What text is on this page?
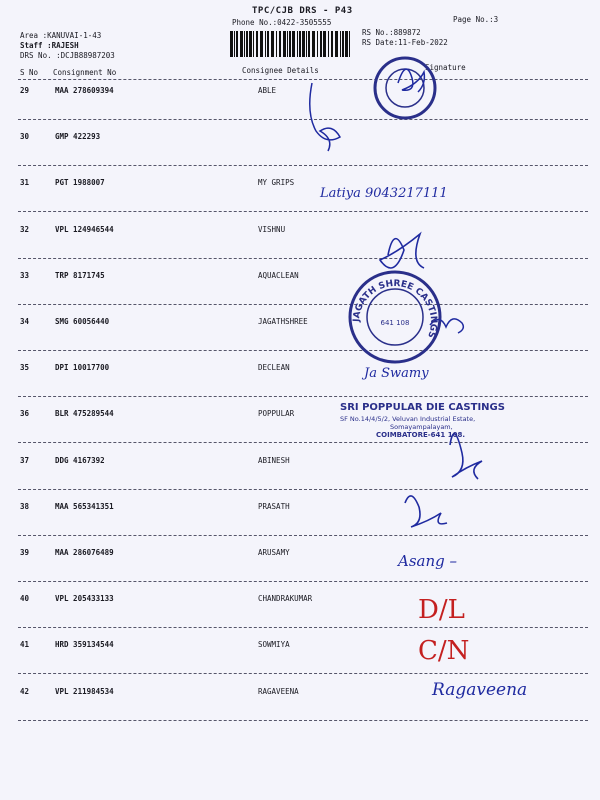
TPC/CJB DRS - P43
Phone No.:0422-3505555	Page No.:3
Area :KANUVAI-1-43
Staff :RAJESH
DRS No. :DCJB88987203
RS No.:889872
RS Date:11-Feb-2022
S No Consignment No	Consignee Details	Signature
29	MAA 278609394	ABLE
30	GMP 422293
31	PGT 1988007	MY GRIPS
32	VPL 124946544	VISHNU
33	TRP 8171745	AQUACLEAN
34	SMG 60056440	JAGATHSHREE
35	DPI 10017700	DECLEAN
36	BLR 475289544	POPPULAR
37	DDG 4167392	ABINESH
38	MAA 565341351	PRASATH
39	MAA 286076489	ARUSAMY
40	VPL 205433133	CHANDRAKUMAR
41	HRD 359134544	SOWMIYA
42	VPL 211984534	RAGAVEENA
JAGATH SHREE CASTINGS
641 108
SRI POPPULAR DIE CASTINGS
SF No.14/4/5/2, Veluvan Industrial Estate,
Somayampalayam,
COIMBATORE-641 108.
Latiya 9043217111
Ja Swamy
Asang –
D/L
C/N
Ragaveena
